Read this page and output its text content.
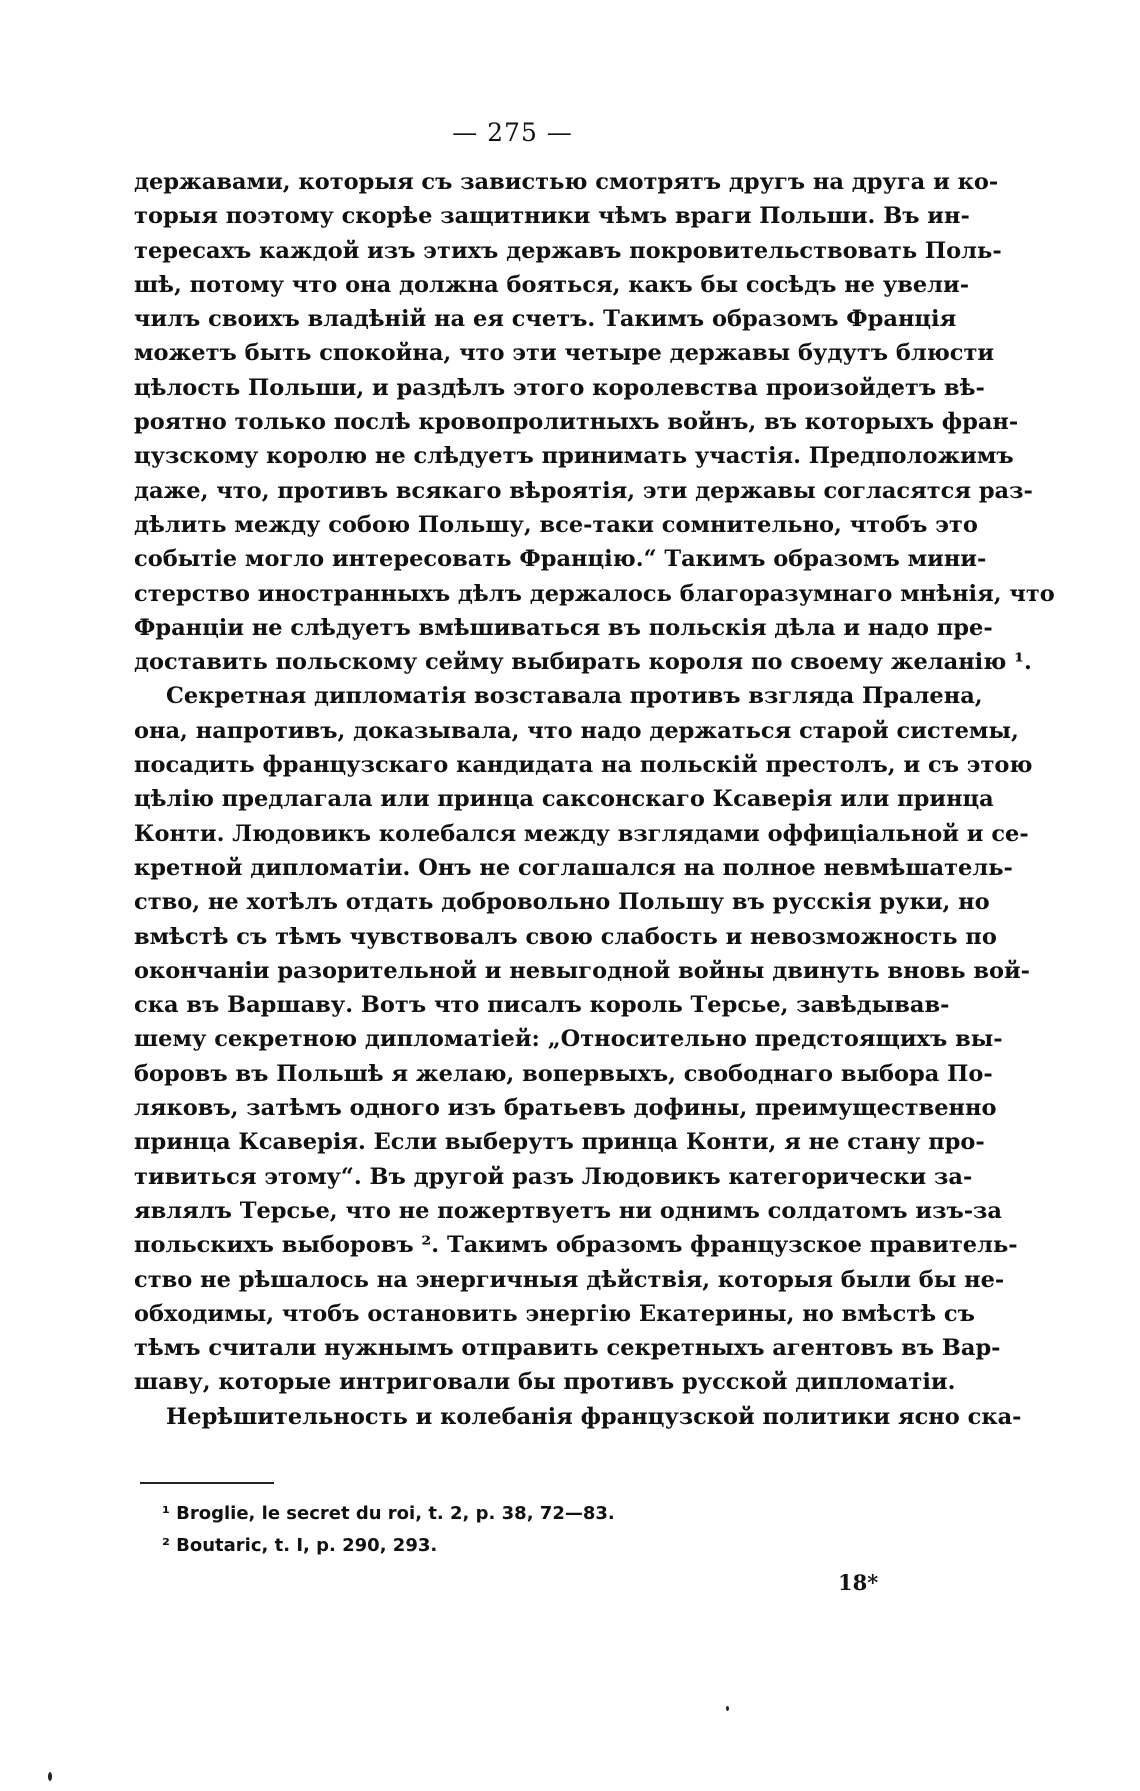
— 275 —
державами, которыя съ завистью смотрятъ другъ на друга и ко-
торыя поэтому скорѣе защитники чѣмъ враги Польши. Въ ин-
тересахъ каждой изъ этихъ державъ покровительствовать Поль-
шѣ, потому что она должна бояться, какъ бы сосѣдъ не увели-
чилъ своихъ владѣній на ея счетъ. Такимъ образомъ Францiя
можетъ быть спокойна, что эти четыре державы будутъ блюсти
цѣлость Польши, и раздѣлъ этого королевства произойдетъ вѣ-
роятно только послѣ кровопролитныхъ войнъ, въ которыхъ фран-
цузскому королю не слѣдуетъ принимать участiя. Предположимъ
даже, что, противъ всякаго вѣроятiя, эти державы согласятся раз-
дѣлить между собою Польшу, все-таки сомнительно, чтобъ это
событiе могло интересовать Францiю.“ Такимъ образомъ мини-
стерство иностранныхъ дѣлъ держалось благоразумнаго мнѣнiя, что
Францiи не слѣдуетъ вмѣшиваться въ польскiя дѣла и надо пре-
доставить польскому сейму выбирать короля по своему желанiю ¹.
Секретная дипломатiя возставала противъ взгляда Пралена,
она, напротивъ, доказывала, что надо держаться старой системы,
посадить французскаго кандидата на польскiй престолъ, и съ этою
цѣлiю предлагала или принца саксонскаго Ксаверiя или принца
Конти. Людовикъ колебался между взглядами оффицiальной и се-
кретной дипломатiи. Онъ не соглашался на полное невмѣшатель-
ство, не хотѣлъ отдать добровольно Польшу въ русскiя руки, но
вмѣстѣ съ тѣмъ чувствовалъ свою слабость и невозможность по
окончанiи разорительной и невыгодной войны двинуть вновь вой-
ска въ Варшаву. Вотъ что писалъ король Терсье, завѣдывав-
шему секретною дипломатiей: „Относительно предстоящихъ вы-
боровъ въ Польшѣ я желаю, вопервыхъ, свободнаго выбора По-
ляковъ, затѣмъ одного изъ братьевъ дофины, преимущественно
принца Ксаверiя. Если выберутъ принца Конти, я не стану про-
тивиться этому“. Въ другой разъ Людовикъ категорически за-
являлъ Терсье, что не пожертвуетъ ни однимъ солдатомъ изъ-за
польскихъ выборовъ ². Такимъ образомъ французское правитель-
ство не рѣшалось на энергичныя дѣйствiя, которыя были бы не-
обходимы, чтобъ остановить энергiю Екатерины, но вмѣстѣ съ
тѣмъ считали нужнымъ отправить секретныхъ агентовъ въ Вар-
шаву, которые интриговали бы противъ русской дипломатiи.
Нерѣшительность и колебанiя французской политики ясно ска-
¹ Broglie, le secret du roi, t. 2, p. 38, 72—83.
² Boutaric, t. I, p. 290, 293.
18*
